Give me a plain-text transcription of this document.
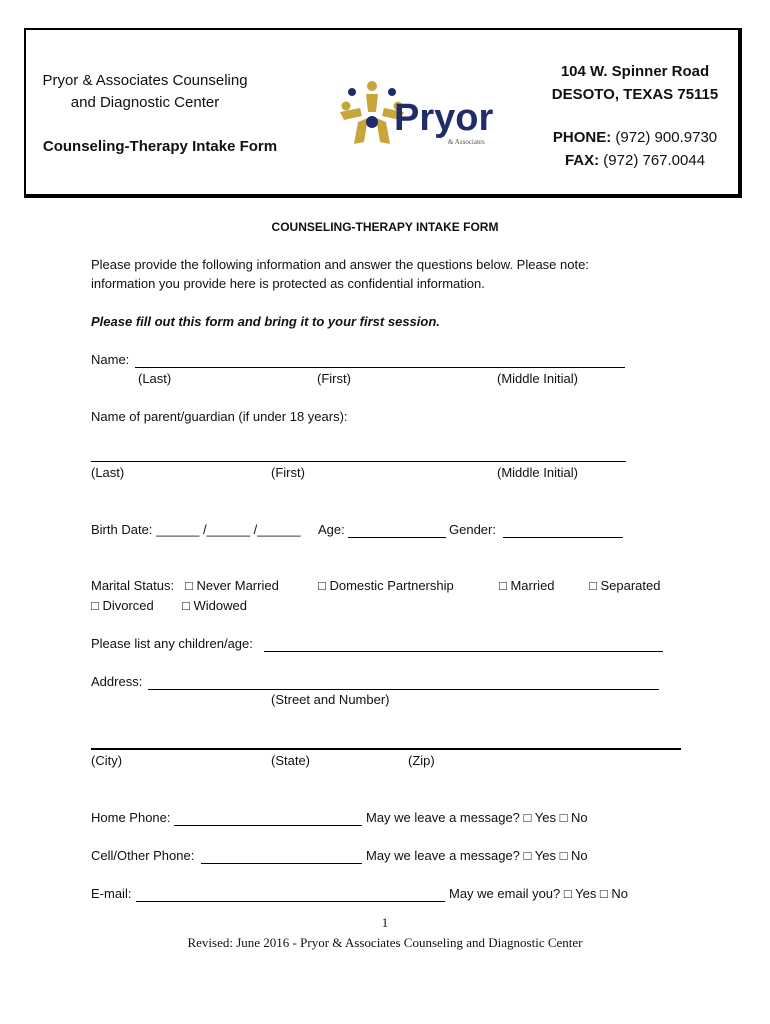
Pryor & Associates Counseling
and Diagnostic Center
Counseling-Therapy Intake Form
Pryor
& Associates
104 W. Spinner Road
DESOTO, TEXAS 75115
PHONE: (972) 900.9730
FAX: (972) 767.0044
COUNSELING-THERAPY INTAKE FORM
Please provide the following information and answer the questions below. Please note:
information you provide here is protected as confidential information.
Please fill out this form and bring it to your first session.
Name:
(Last)	(First)	(Middle Initial)
Name of parent/guardian (if under 18 years):
(Last)	(First)	(Middle Initial)
Birth Date: ______ /______ /______ Age:	Gender:
Marital Status: □ Never Married	□ Domestic Partnership	□ Married	□ Separated
□ Divorced □ Widowed
Please list any children/age:
Address:
(Street and Number)
(City)	(State)	(Zip)
Home Phone:	May we leave a message? □ Yes □ No
Cell/Other Phone:	May we leave a message? □ Yes □ No
E-mail:	May we email you? □ Yes □ No
1
Revised: June 2016 - Pryor & Associates Counseling and Diagnostic Center
